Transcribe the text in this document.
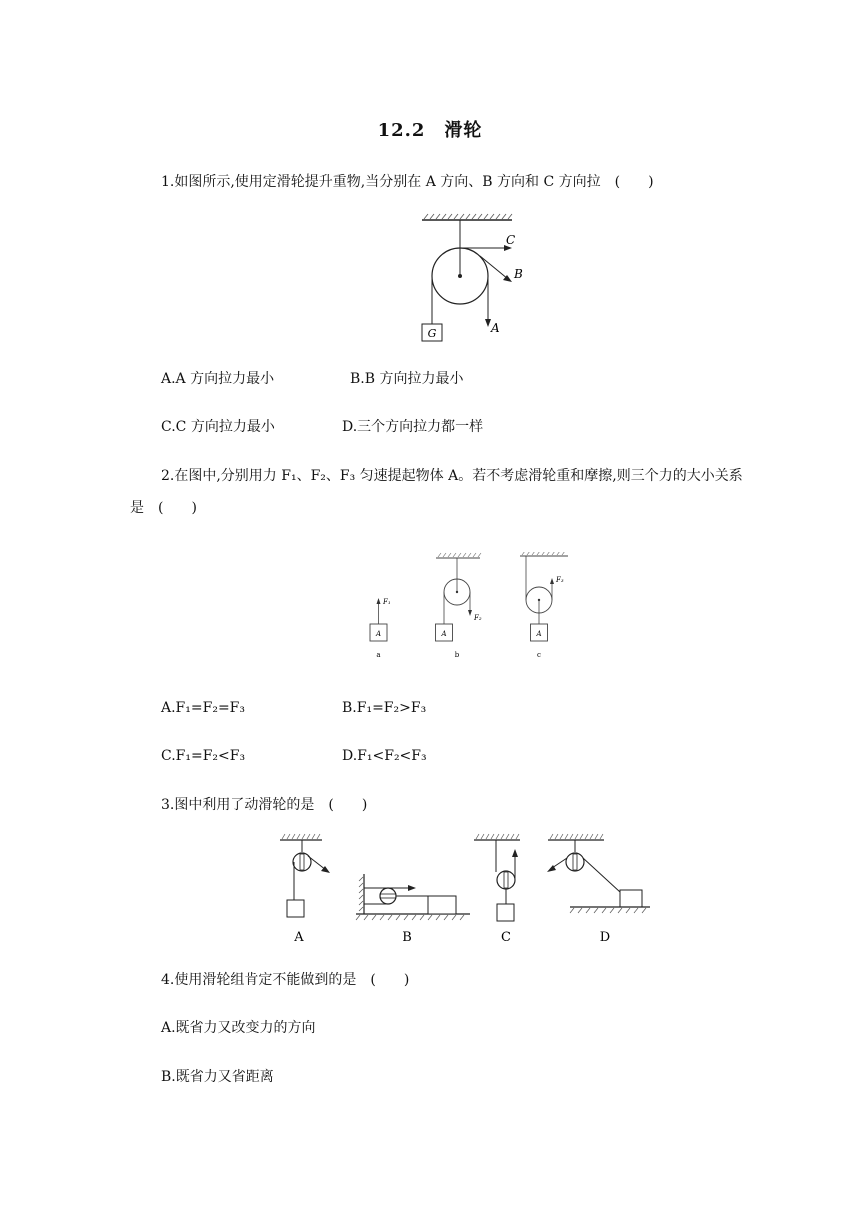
12.2　滑轮
1.如图所示,使用定滑轮提升重物,当分别在 A 方向、B 方向和 C 方向拉　(　　)
G
C
B
A
A.A 方向拉力最小	B.B 方向拉力最小
C.C 方向拉力最小	D.三个方向拉力都一样
2.在图中,分别用力 F₁、F₂、F₃ 匀速提起物体 A。若不考虑滑轮重和摩擦,则三个力的大小关系
是　(　　)
A
F₁
a
F₂
A
b
F₃
A
c
A.F₁=F₂=F₃	B.F₁=F₂>F₃
C.F₁=F₂<F₃	D.F₁<F₂<F₃
3.图中利用了动滑轮的是　(　　)
A	B	C	D
4.使用滑轮组肯定不能做到的是　(　　)
A.既省力又改变力的方向
B.既省力又省距离
